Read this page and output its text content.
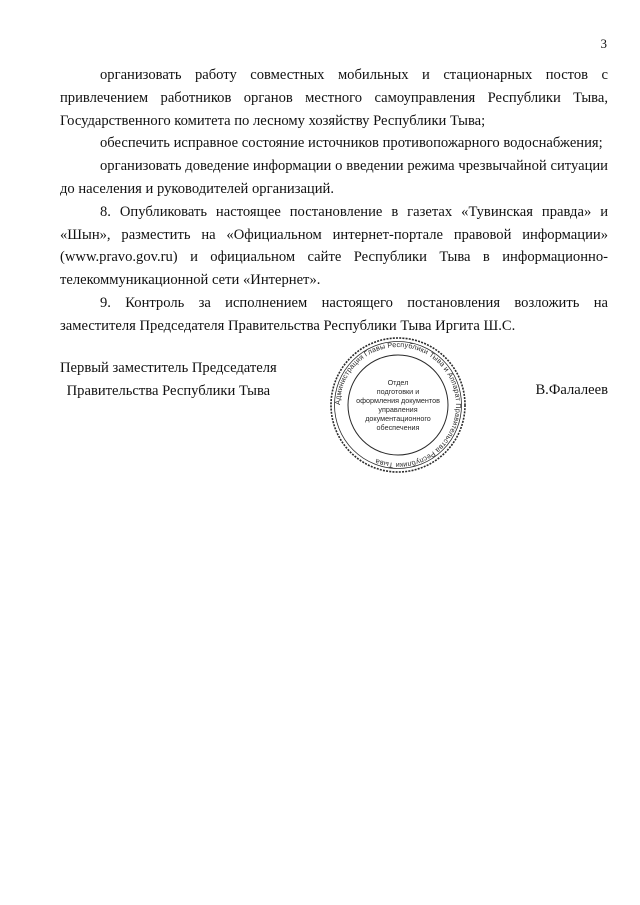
3

организовать работу совместных мобильных и стационарных постов с привлечением работников органов местного самоуправления Республики Тыва, Государственного комитета по лесному хозяйству Республики Тыва;

обеспечить исправное состояние источников противопожарного водоснабжения;

организовать доведение информации о введении режима чрезвычайной ситуации до населения и руководителей организаций.

8. Опубликовать настоящее постановление в газетах «Тувинская правда» и «Шын», разместить на «Официальном интернет-портале правовой информации» (www.pravo.gov.ru) и официальном сайте Республики Тыва в информационно-телекоммуникационной сети «Интернет».

9. Контроль за исполнением настоящего постановления возложить на заместителя Председателя Правительства Республики Тыва Иргита Ш.С.

Первый заместитель Председателя
Правительства Республики Тыва
Администрация Главы Республики Тыва и Аппарат Правительства Республики Тыва
Отдел
подготовки и
оформления документов
управления
документационного
обеспечения
В.Фалалеев
